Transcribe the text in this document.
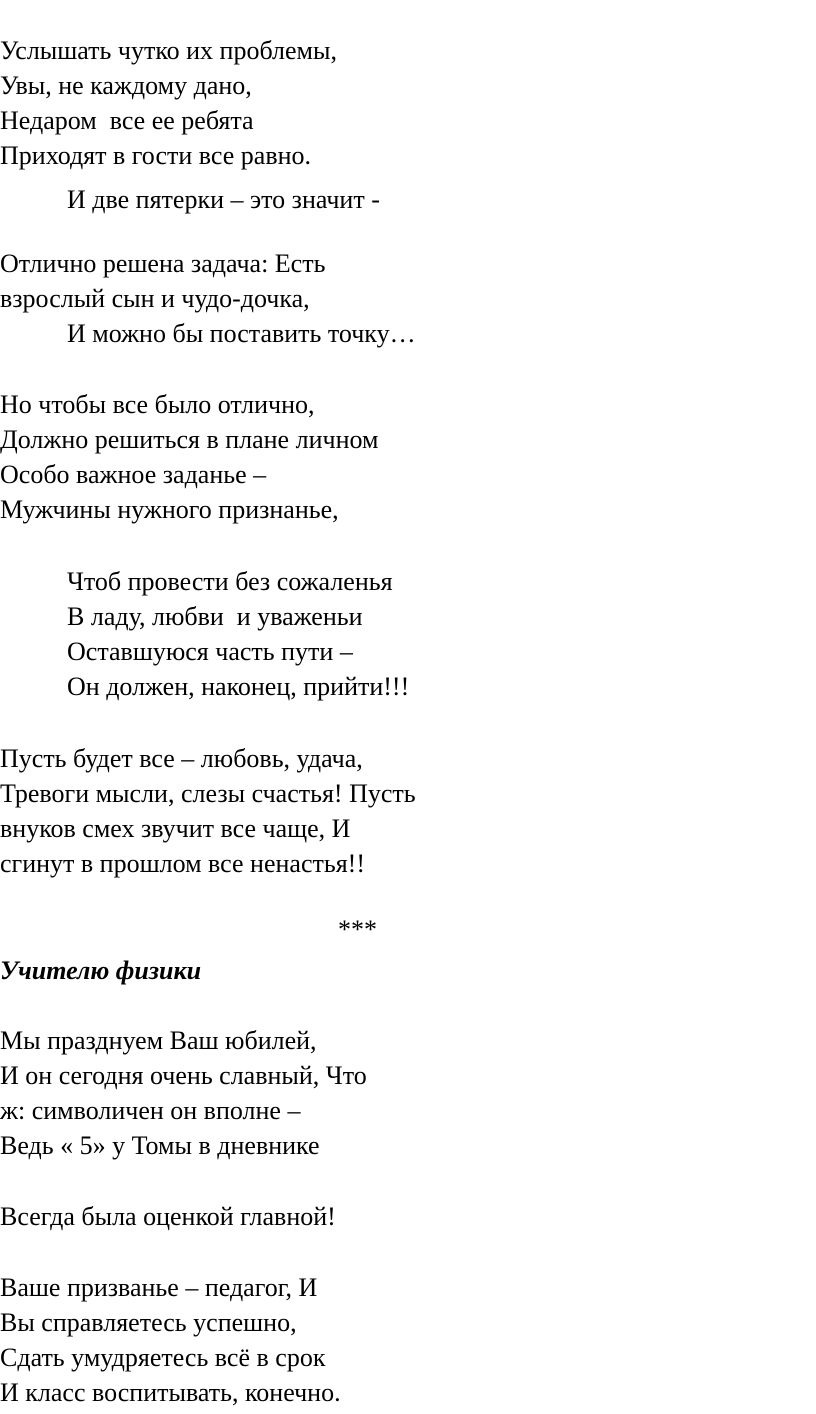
Услышать чутко их проблемы,
Увы, не каждому дано,
Недаром  все ее ребята
Приходят в гости все равно.
И две пятерки – это значит -
Отлично решена задача: Есть
взрослый сын и чудо-дочка,
И можно бы поставить точку…
Но чтобы все было отлично,
Должно решиться в плане личном
Особо важное заданье –
Мужчины нужного признанье,
Чтоб провести без сожаленья
В ладу, любви  и уваженьи
Оставшуюся часть пути –
Он должен, наконец, прийти!!!
Пусть будет все – любовь, удача,
Тревоги мысли, слезы счастья! Пусть
внуков смех звучит все чаще, И
сгинут в прошлом все ненастья!!
***
Учителю физики
Мы празднуем Ваш юбилей,
И он сегодня очень славный, Что
ж: символичен он вполне –
Ведь « 5» у Томы в дневнике
Всегда была оценкой главной!
Ваше призванье – педагог, И
Вы справляетесь успешно,
Сдать умудряетесь всё в срок
И класс воспитывать, конечно.
